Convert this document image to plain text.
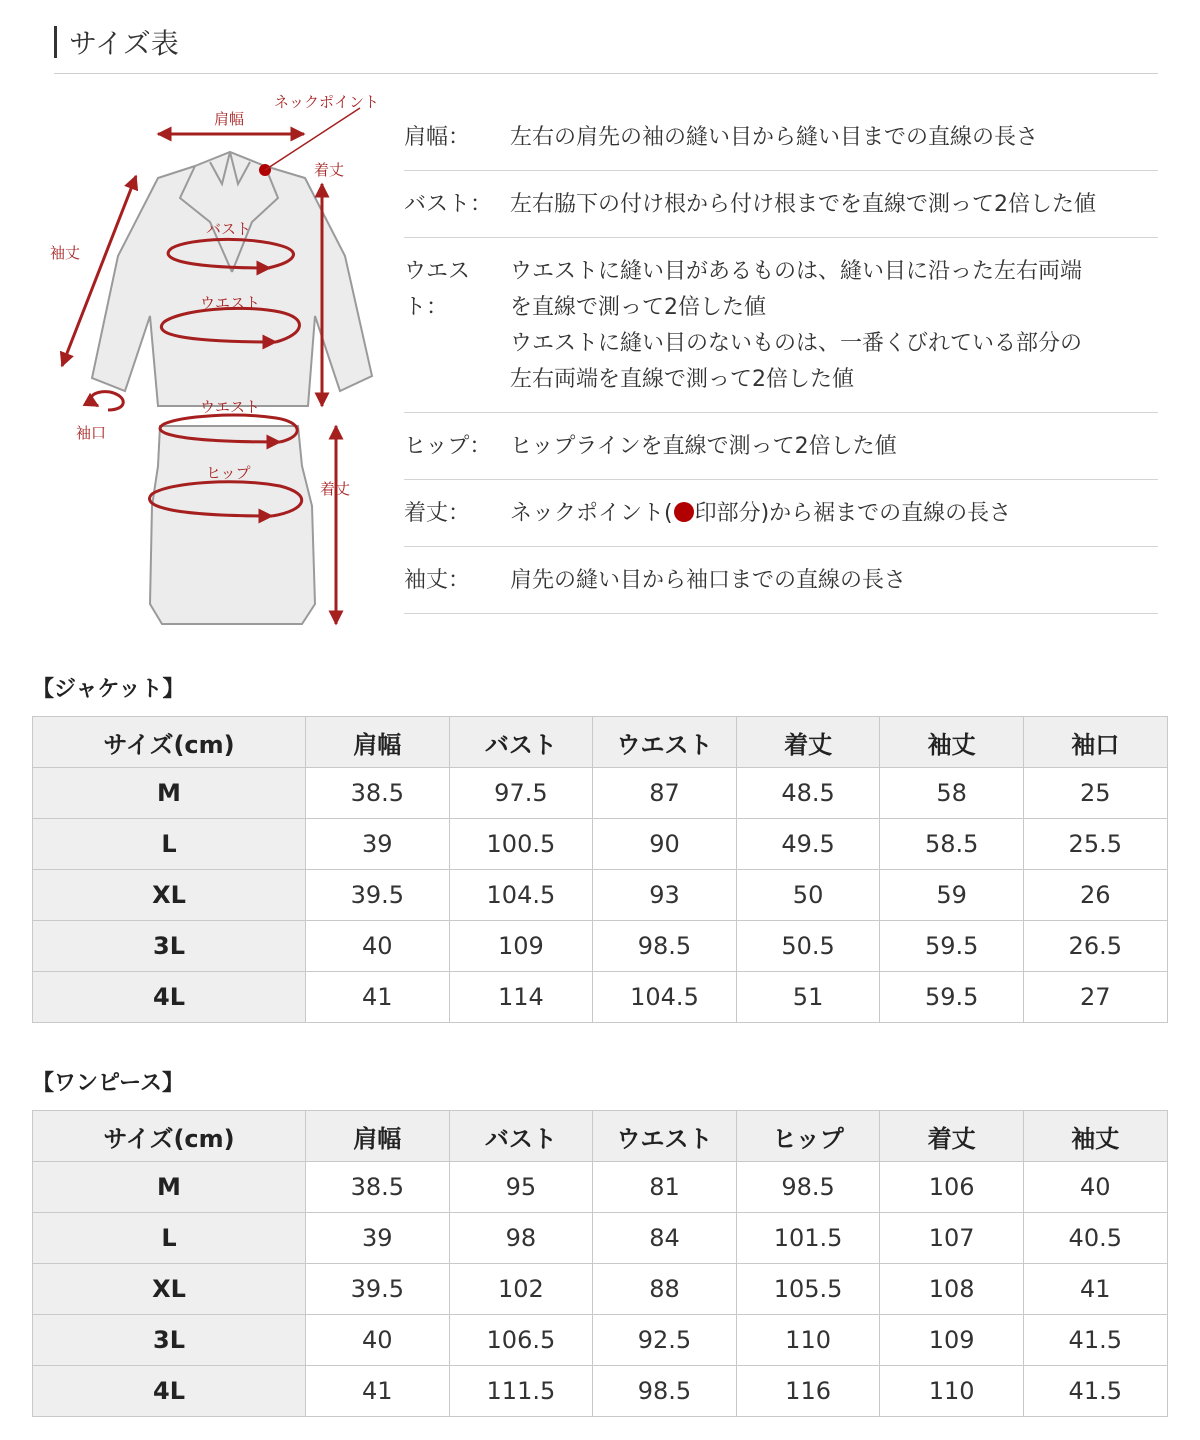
サイズ表
ネックポイント
肩幅
着丈
バスト
袖丈
ウエスト
袖口
ウエスト
ヒップ
着丈
肩幅：	左右の肩先の袖の縫い目から縫い目までの直線の長さ
バスト： 左右脇下の付け根から付け根までを直線で測って2倍した値
ウエスト：
ウエストに縫い目があるものは、縫い目に沿った左右両端
を直線で測って2倍した値
ウエストに縫い目のないものは、一番くびれている部分の
左右両端を直線で測って2倍した値
ヒップ： ヒップラインを直線で測って2倍した値
着丈：	ネックポイント( 印部分)から裾までの直線の長さ
袖丈：	肩先の縫い目から袖口までの直線の長さ
【ジャケット】
サイズ(cm)	肩幅	バスト	ウエスト	着丈	袖丈	袖口
M	38.5	97.5	87	48.5	58	25
L	39	100.5	90	49.5	58.5	25.5
XL	39.5	104.5	93	50	59	26
3L	40	109	98.5	50.5	59.5	26.5
4L	41	114	104.5	51	59.5	27
【ワンピース】
サイズ(cm)	肩幅	バスト	ウエスト	ヒップ	着丈	袖丈
M	38.5	95	81	98.5	106	40
L	39	98	84	101.5	107	40.5
XL	39.5	102	88	105.5	108	41
3L	40	106.5	92.5	110	109	41.5
4L	41	111.5	98.5	116	110	41.5
